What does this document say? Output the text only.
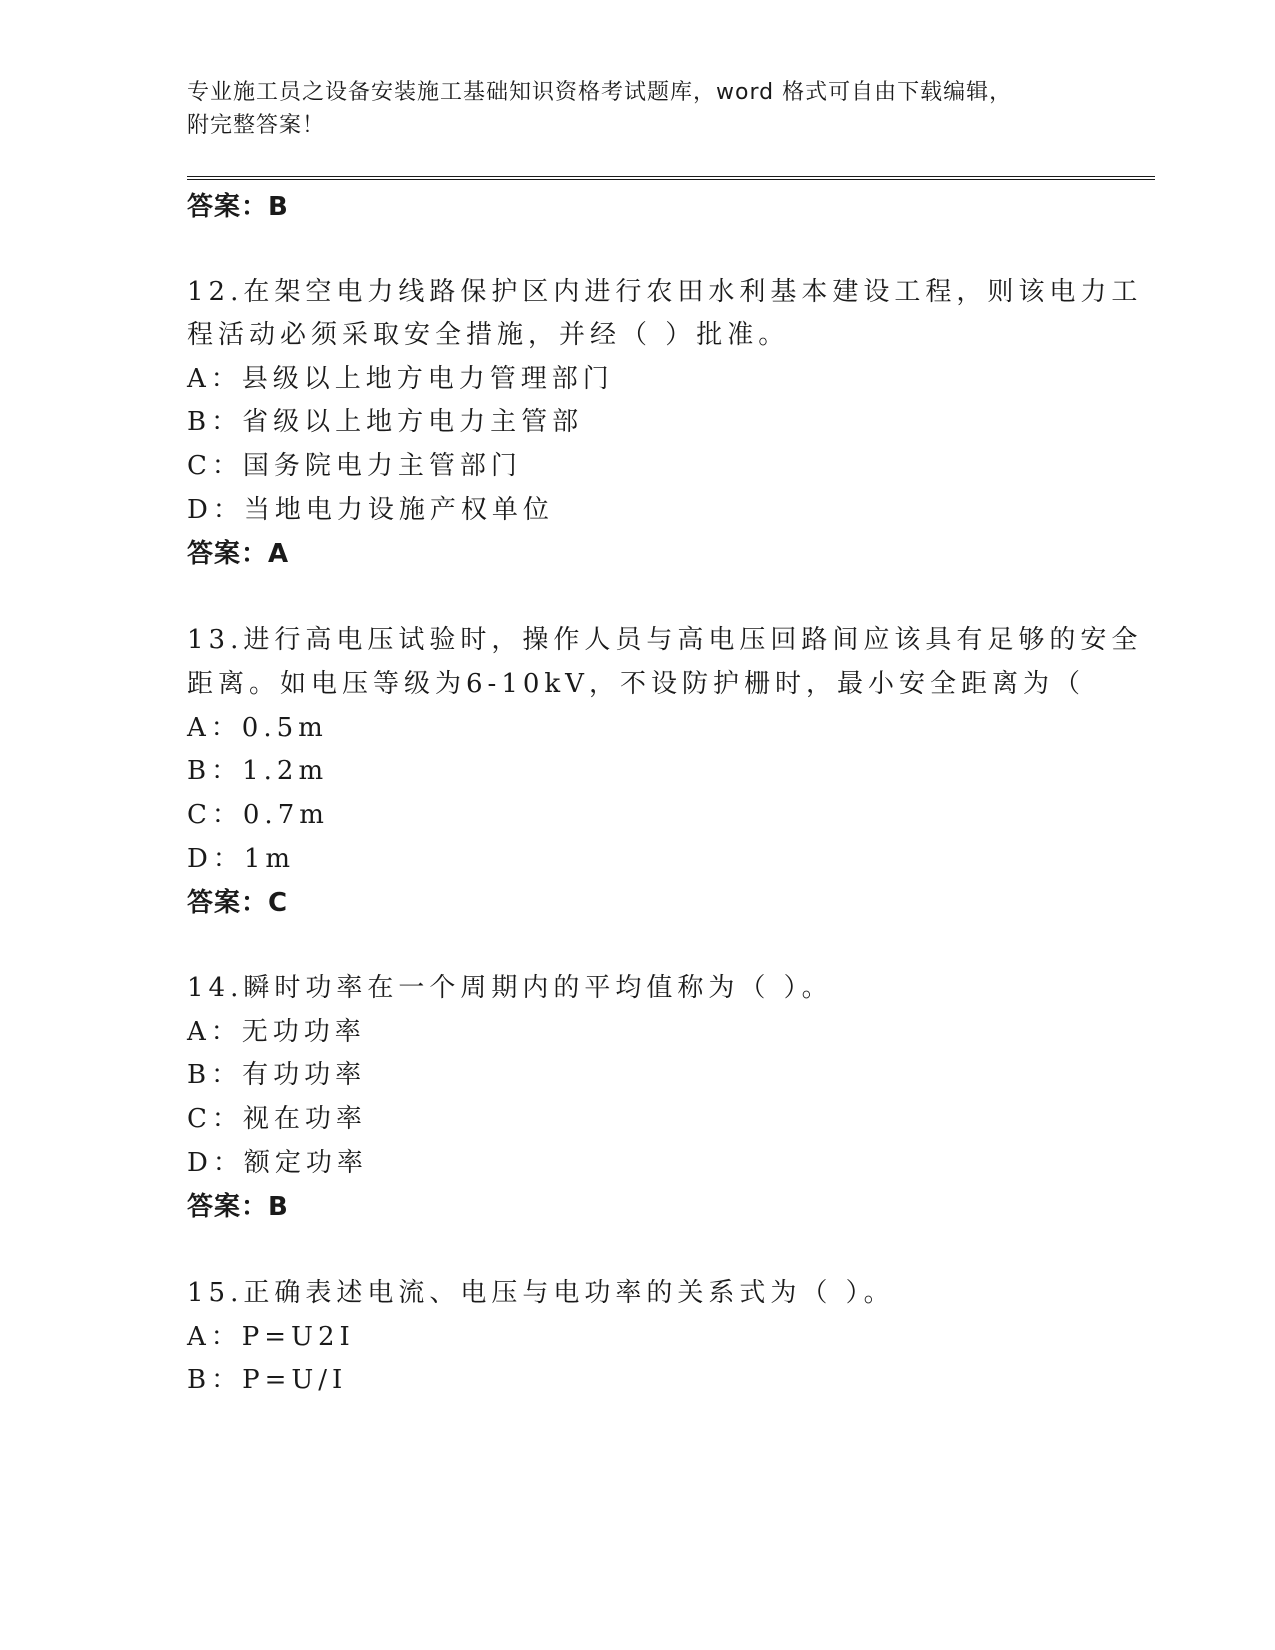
专业施工员之设备安装施工基础知识资格考试题库，word 格式可自由下载编辑，
附完整答案！
答案：B
12.在架空电力线路保护区内进行农田水利基本建设工程，则该电力工
程活动必须采取安全措施，并经（ ）批准。
A：县级以上地方电力管理部门
B：省级以上地方电力主管部
C：国务院电力主管部门
D：当地电力设施产权单位
答案：A
13.进行高电压试验时，操作人员与高电压回路间应该具有足够的安全
距离。如电压等级为6-10kV，不设防护栅时，最小安全距离为（
A：0.5m
B：1.2m
C：0.7m
D：1m
答案：C
14.瞬时功率在一个周期内的平均值称为（ ）。
A：无功功率
B：有功功率
C：视在功率
D：额定功率
答案：B
15.正确表述电流、电压与电功率的关系式为（ ）。
A：P=U2I
B：P=U/I
